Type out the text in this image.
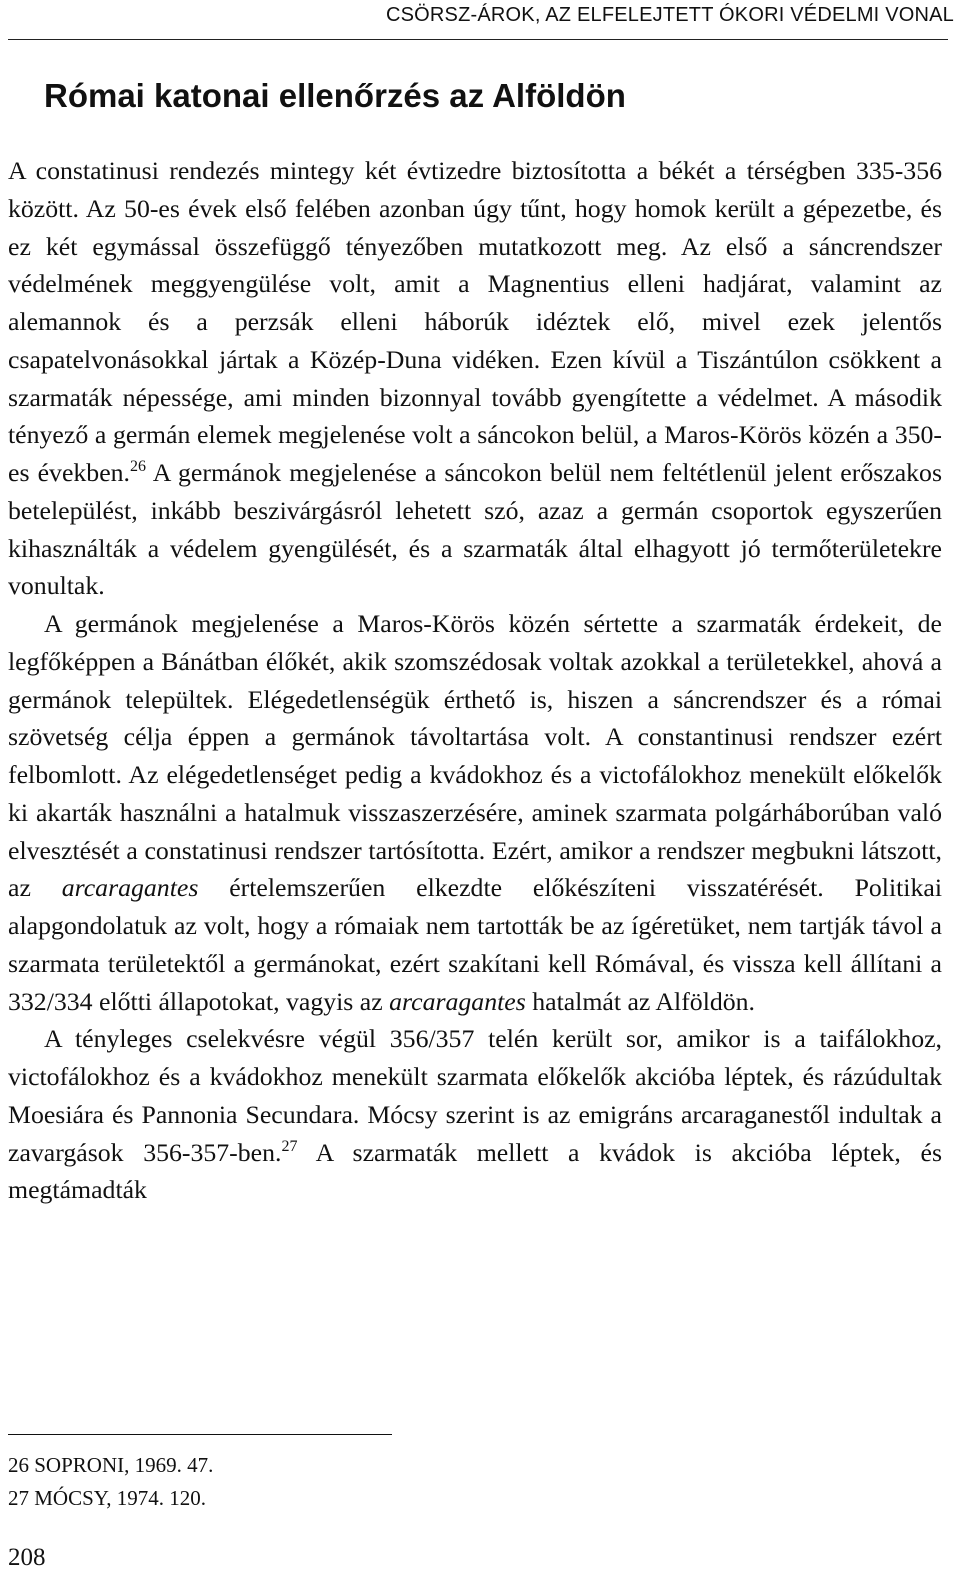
CSÖRSZ-ÁROK, AZ ELFELEJTETT ÓKORI VÉDELMI VONAL
Római katonai ellenőrzés az Alföldön

A constatinusi rendezés mintegy két évtizedre biztosította a békét a térségben 335-356 között. Az 50-es évek első felében azonban úgy tűnt, hogy homok került a gépezetbe, és ez két egymással összefüggő tényezőben mutatkozott meg. Az első a sáncrendszer védelmének meggyengülése volt, amit a Magnentius elleni hadjárat, valamint az alemannok és a perzsák elleni háborúk idéztek elő, mivel ezek jelentős csapatelvonásokkal jártak a Közép-Duna vidéken. Ezen kívül a Tiszántúlon csökkent a szarmaták népessége, ami minden bizonnyal tovább gyengítette a védelmet. A második tényező a germán elemek megjelenése volt a sáncokon belül, a Maros-Körös közén a 350-es években.$^{26}$ A germánok megjelenése a sáncokon belül nem feltétlenül jelent erőszakos betelepülést, inkább beszivárgásról lehetett szó, azaz a germán csoportok egyszerűen kihasználták a védelem gyengülését, és a szarmaták által elhagyott jó termőterületekre vonultak.

A germánok megjelenése a Maros-Körös közén sértette a szarmaták érdekeit, de legfőképpen a Bánátban élőkét, akik szomszédosak voltak azokkal a területekkel, ahová a germánok települtek. Elégedetlenségük érthető is, hiszen a sáncrendszer és a római szövetség célja éppen a germánok távoltartása volt. A constantinusi rendszer ezért felbomlott. Az elégedetlenséget pedig a kvádokhoz és a victofálokhoz menekült előkelők ki akarták használni a hatalmuk visszaszerzésére, aminek szarmata polgárháborúban való elvesztését a constatinusi rendszer tartósította. Ezért, amikor a rendszer megbukni látszott, az arcaragantes értelemszerűen elkezdte előkészíteni visszatérését. Politikai alapgondolatuk az volt, hogy a rómaiak nem tartották be az ígéretüket, nem tartják távol a szarmata területektől a germánokat, ezért szakítani kell Rómával, és vissza kell állítani a 332/334 előtti állapotokat, vagyis az arcaragantes hatalmát az Alföldön.

A tényleges cselekvésre végül 356/357 telén került sor, amikor is a taifálokhoz, victofálokhoz és a kvádokhoz menekült szarmata előkelők akcióba léptek, és rázúdultak Moesiára és Pannonia Secundara. Mócsy szerint is az emigráns arcaraganestől indultak a zavargások 356-357-ben.$^{27}$ A szarmaták mellett a kvádok is akcióba léptek, és megtámadták

26 SOPRONI, 1969. 47.
27 MÓCSY, 1974. 120.
208
